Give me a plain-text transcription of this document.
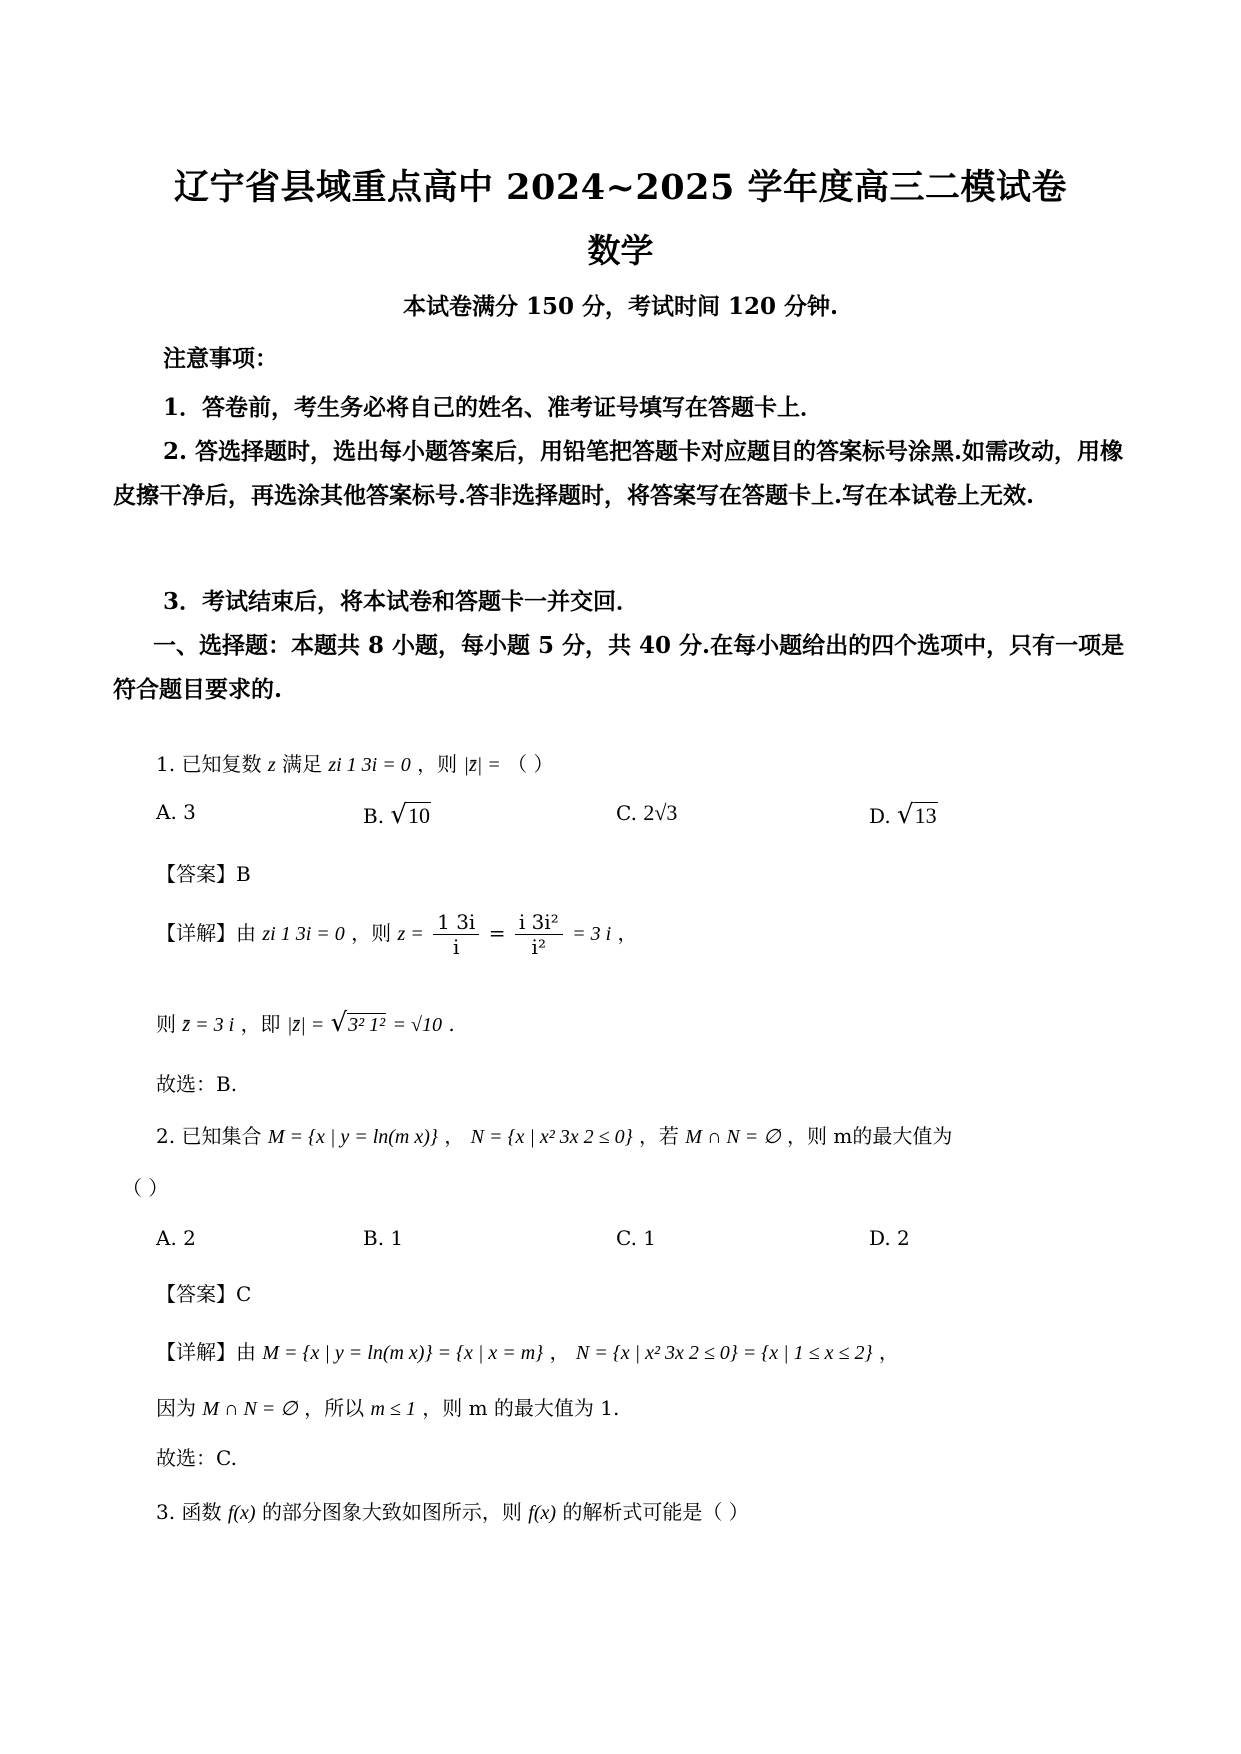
辽宁省县域重点高中 2024~2025 学年度高三二模试卷
数学
本试卷满分 150 分，考试时间 120 分钟.
注意事项：
1．答卷前，考生务必将自己的姓名、准考证号填写在答题卡上．
2. 答选择题时，选出每小题答案后，用铅笔把答题卡对应题目的答案标号涂黑.如需改动，用橡皮擦干净后，再选涂其他答案标号.答非选择题时，将答案写在答题卡上.写在本试卷上无效.
3．考试结束后，将本试卷和答题卡一并交回．
一、选择题：本题共 8 小题，每小题 5 分，共 40 分.在每小题给出的四个选项中，只有一项是符合题目要求的.
1. 已知复数 z 满足 zi 1 3i = 0 ，则 |z̄| = （ ）
A. 3	B. √10	C. 2√3	D. √13
【答案】B
【详解】由 zi 1 3i = 0 ，则 $z = \frac{1 3i}{i} = \frac{\text{i 3i²}}{\text{i²}} = 3$ i ，
则 z̄ = 3 i ，即 |z̄| = √3² 1² = √10 .
故选：B.
2. 已知集合 M = {x | y = ln(m x)} ， N = {x | x² 3x 2 ≤ 0} ，若 M ∩ N = ∅ ，则 m的最大值为
（ ）
A. 2	B. 1	C. 1	D. 2
【答案】C
【详解】由 M = {x | y = ln(m x)} = {x | x = m} ， N = {x | x² 3x 2 ≤ 0} = {x | 1 ≤ x ≤ 2} ，
因为 M ∩ N = ∅ ，所以 m ≤ 1 ，则 m 的最大值为 1.
故选：C.
3. 函数 f(x) 的部分图象大致如图所示，则 f(x) 的解析式可能是（ ）
